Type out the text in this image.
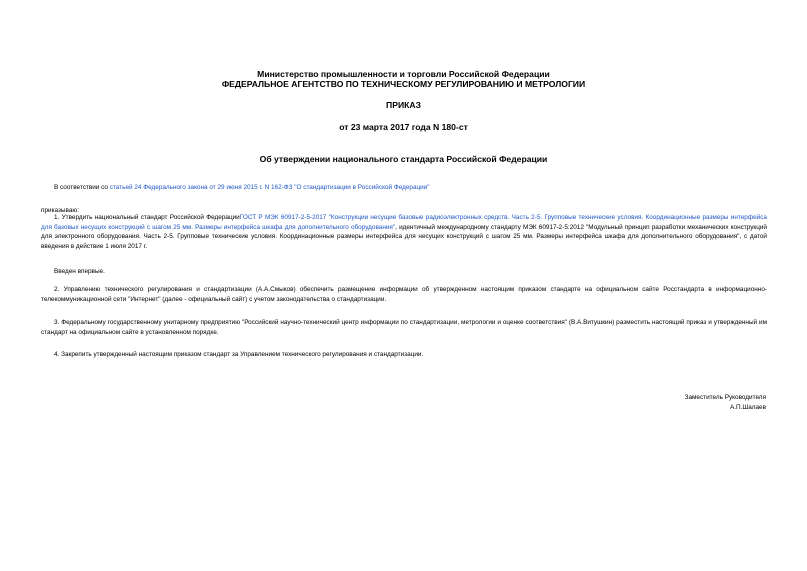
Министерство промышленности и торговли Российской Федерации
ФЕДЕРАЛЬНОЕ АГЕНТСТВО ПО ТЕХНИЧЕСКОМУ РЕГУЛИРОВАНИЮ И МЕТРОЛОГИИ
ПРИКАЗ
от 23 марта 2017 года N 180-ст
Об утверждении национального стандарта Российской Федерации
В соответствии со статьей 24 Федерального закона от 29 июня 2015 г. N 162-ФЗ "О стандартизации в Российской Федерации"
приказываю:
1. Утвердить национальный стандарт Российской ФедерацииГОСТ Р МЭК 60917-2-5-2017 "Конструкции несущие базовые радиоэлектронных средств. Часть 2-5. Групповые технические условия. Координационные размеры интерфейса для базовых несущих конструкций с шагом 25 мм. Размеры интерфейса шкафа для дополнительного оборудования", идентичный международному стандарту МЭК 60917-2-5:2012 "Модульный принцип разработки механических конструкций для электронного оборудования. Часть 2-5. Групповые технические условия. Координационные размеры интерфейса для несущих конструкций с шагом 25 мм. Размеры интерфейса шкафа для дополнительного оборудования", с датой введения в действие 1 июля 2017 г.
Введен впервые.
2. Управлению технического регулирования и стандартизации (А.А.Смыков) обеспечить размещение информации об утвержденном настоящим приказом стандарте на официальном сайте Росстандарта в информационно-телекоммуникационной сети "Интернет" (далее - официальный сайт) с учетом законодательства о стандартизации.
3. Федеральному государственному унитарному предприятию "Российский научно-технический центр информации по стандартизации, метрологии и оценке соответствия" (В.А.Витушкин) разместить настоящий приказ и утвержденный им стандарт на официальном сайте в установленном порядке.
4. Закрепить утвержденный настоящим приказом стандарт за Управлением технического регулирования и стандартизации.
Заместитель Руководителя
А.П.Шалаев
